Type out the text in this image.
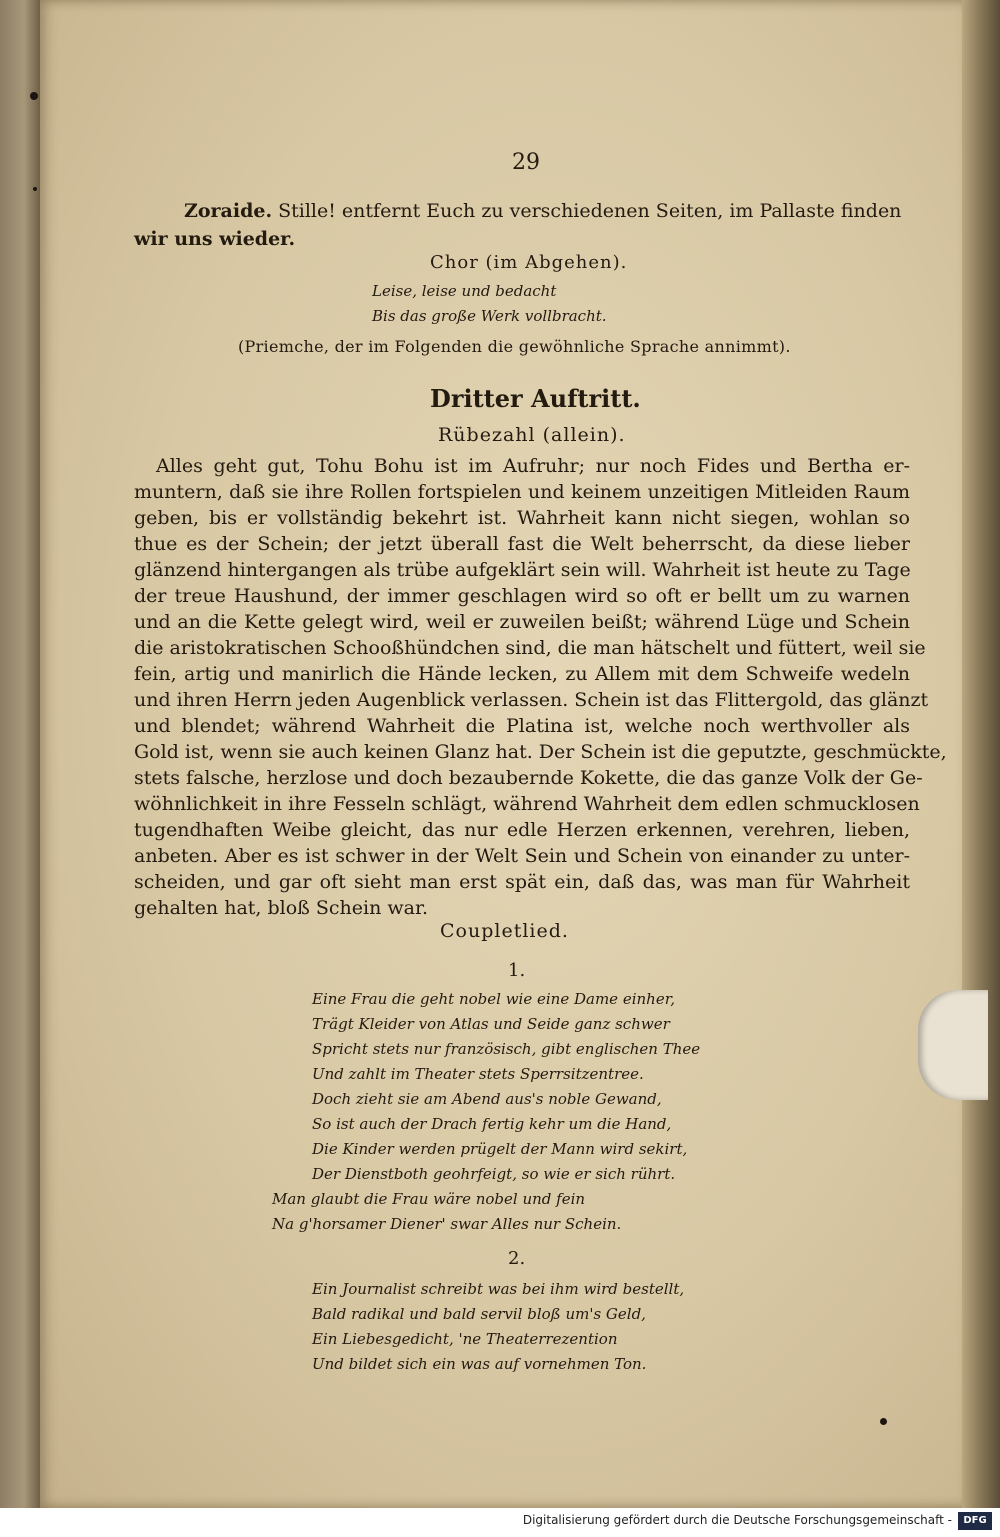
29
Zoraide. Stille! entfernt Euch zu verschiedenen Seiten, im Pallaste finden
wir uns wieder.
Chor (im Abgehen).
Leise, leise und bedacht
Bis das große Werk vollbracht.
(Priemche, der im Folgenden die gewöhnliche Sprache annimmt).
Dritter Auftritt.
Rübezahl (allein).
Alles geht gut, Tohu Bohu ist im Aufruhr; nur noch Fides und Bertha er-
muntern, daß sie ihre Rollen fortspielen und keinem unzeitigen Mitleiden Raum
geben, bis er vollständig bekehrt ist. Wahrheit kann nicht siegen, wohlan so
thue es der Schein; der jetzt überall fast die Welt beherrscht, da diese lieber
glänzend hintergangen als trübe aufgeklärt sein will. Wahrheit ist heute zu Tage
der treue Haushund, der immer geschlagen wird so oft er bellt um zu warnen
und an die Kette gelegt wird, weil er zuweilen beißt; während Lüge und Schein
die aristokratischen Schooßhündchen sind, die man hätschelt und füttert, weil sie
fein, artig und manirlich die Hände lecken, zu Allem mit dem Schweife wedeln
und ihren Herrn jeden Augenblick verlassen. Schein ist das Flittergold, das glänzt
und blendet; während Wahrheit die Platina ist, welche noch werthvoller als
Gold ist, wenn sie auch keinen Glanz hat. Der Schein ist die geputzte, geschmückte,
stets falsche, herzlose und doch bezaubernde Kokette, die das ganze Volk der Ge-
wöhnlichkeit in ihre Fesseln schlägt, während Wahrheit dem edlen schmucklosen
tugendhaften Weibe gleicht, das nur edle Herzen erkennen, verehren, lieben,
anbeten. Aber es ist schwer in der Welt Sein und Schein von einander zu unter-
scheiden, und gar oft sieht man erst spät ein, daß das, was man für Wahrheit
gehalten hat, bloß Schein war.
Coupletlied.
1.
Eine Frau die geht nobel wie eine Dame einher,
Trägt Kleider von Atlas und Seide ganz schwer
Spricht stets nur französisch, gibt englischen Thee
Und zahlt im Theater stets Sperrsitzentree.
Doch zieht sie am Abend aus's noble Gewand,
So ist auch der Drach fertig kehr um die Hand,
Die Kinder werden prügelt der Mann wird sekirt,
Der Dienstboth geohrfeigt, so wie er sich rührt.
Man glaubt die Frau wäre nobel und fein
Na g'horsamer Diener' swar Alles nur Schein.
2.
Ein Journalist schreibt was bei ihm wird bestellt,
Bald radikal und bald servil bloß um's Geld,
Ein Liebesgedicht, 'ne Theaterrezention
Und bildet sich ein was auf vornehmen Ton.
Digitalisierung gefördert durch die Deutsche Forschungsgemeinschaft -	DFG
